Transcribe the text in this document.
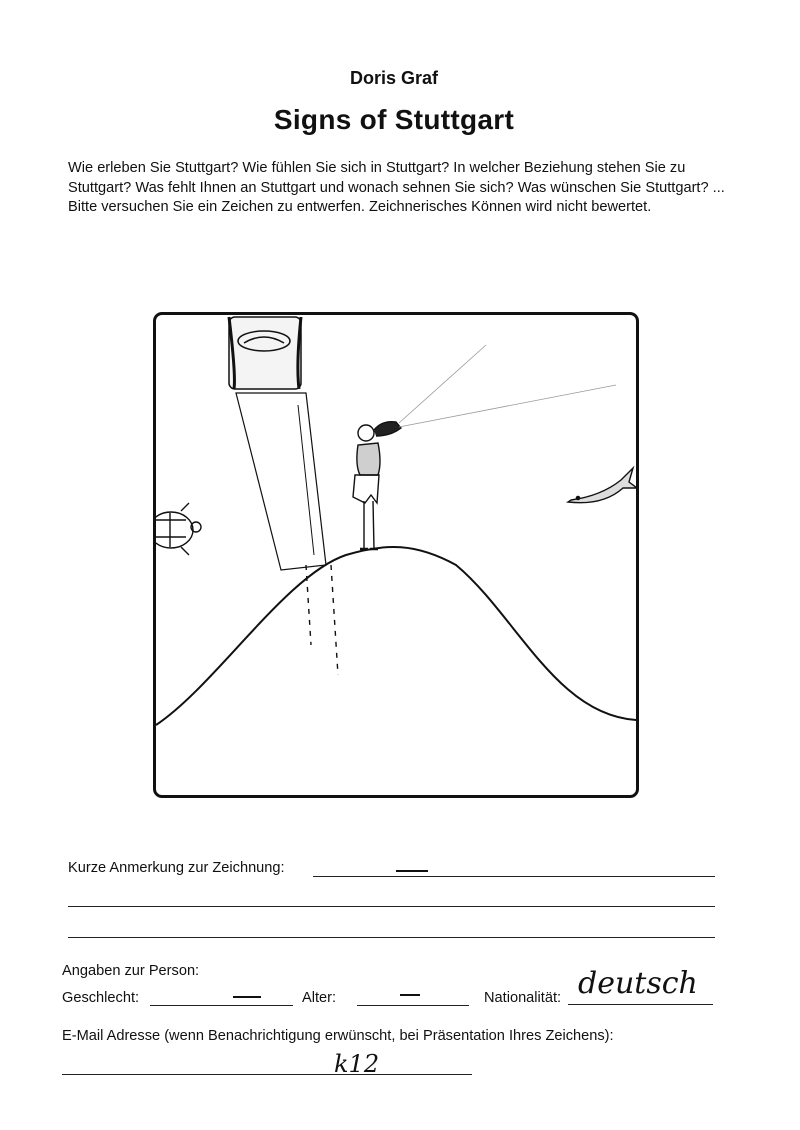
Doris Graf
Signs of Stuttgart

Wie erleben Sie Stuttgart? Wie fühlen Sie sich in Stuttgart? In welcher Beziehung stehen Sie zu Stuttgart? Was fehlt Ihnen an Stuttgart und wonach sehnen Sie sich? Was wünschen Sie Stuttgart? ...

Bitte versuchen Sie ein Zeichen zu entwerfen. Zeichnerisches Können wird nicht bewertet.

Kurze Anmerkung zur Zeichnung:
Angaben zur Person:
Geschlecht:	Alter:	Nationalität: deutsch
E-Mail Adresse (wenn Benachrichtigung erwünscht, bei Präsentation Ihres Zeichens):
k12
